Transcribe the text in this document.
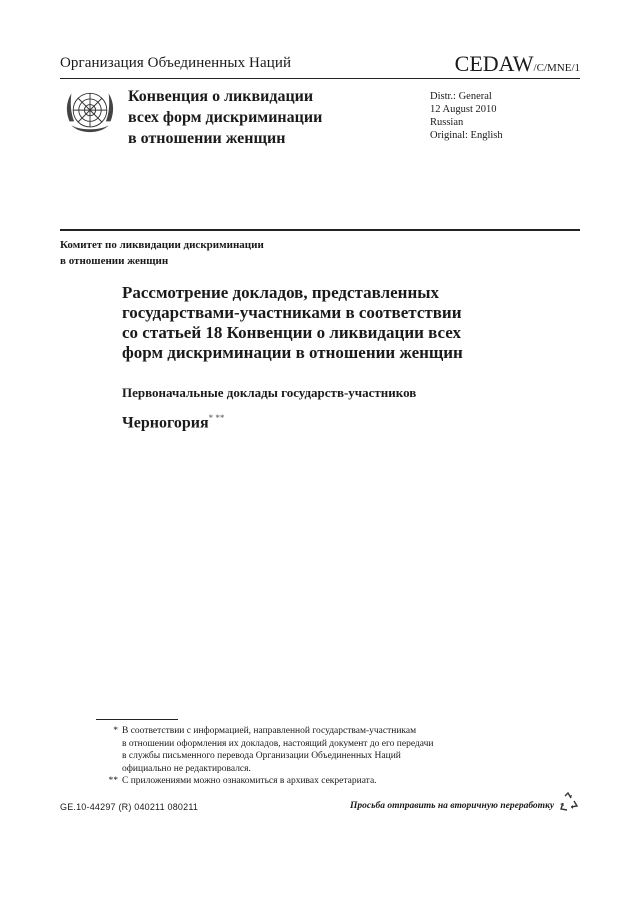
Организация Объединенных Наций	CEDAW/C/MNE/1
Конвенция о ликвидации
всех форм дискриминации
в отношении женщин
Distr.: General
12 August 2010
Russian
Original: English
Комитет по ликвидации дискриминации
в отношении женщин
Рассмотрение докладов, представленных
государствами-участниками в соответствии
со статьей 18 Конвенции о ликвидации всех
форм дискриминации в отношении женщин
Первоначальные доклады государств-участников
Черногория* **
* В соответствии с информацией, направленной государствам-участникам
в отношении оформления их докладов, настоящий документ до его передачи
в службы письменного перевода Организации Объединенных Наций
официально не редактировался.
** С приложениями можно ознакомиться в архивах секретариата.
GE.10-44297 (R) 040211 080211	Просьба отправить на вторичную переработку
